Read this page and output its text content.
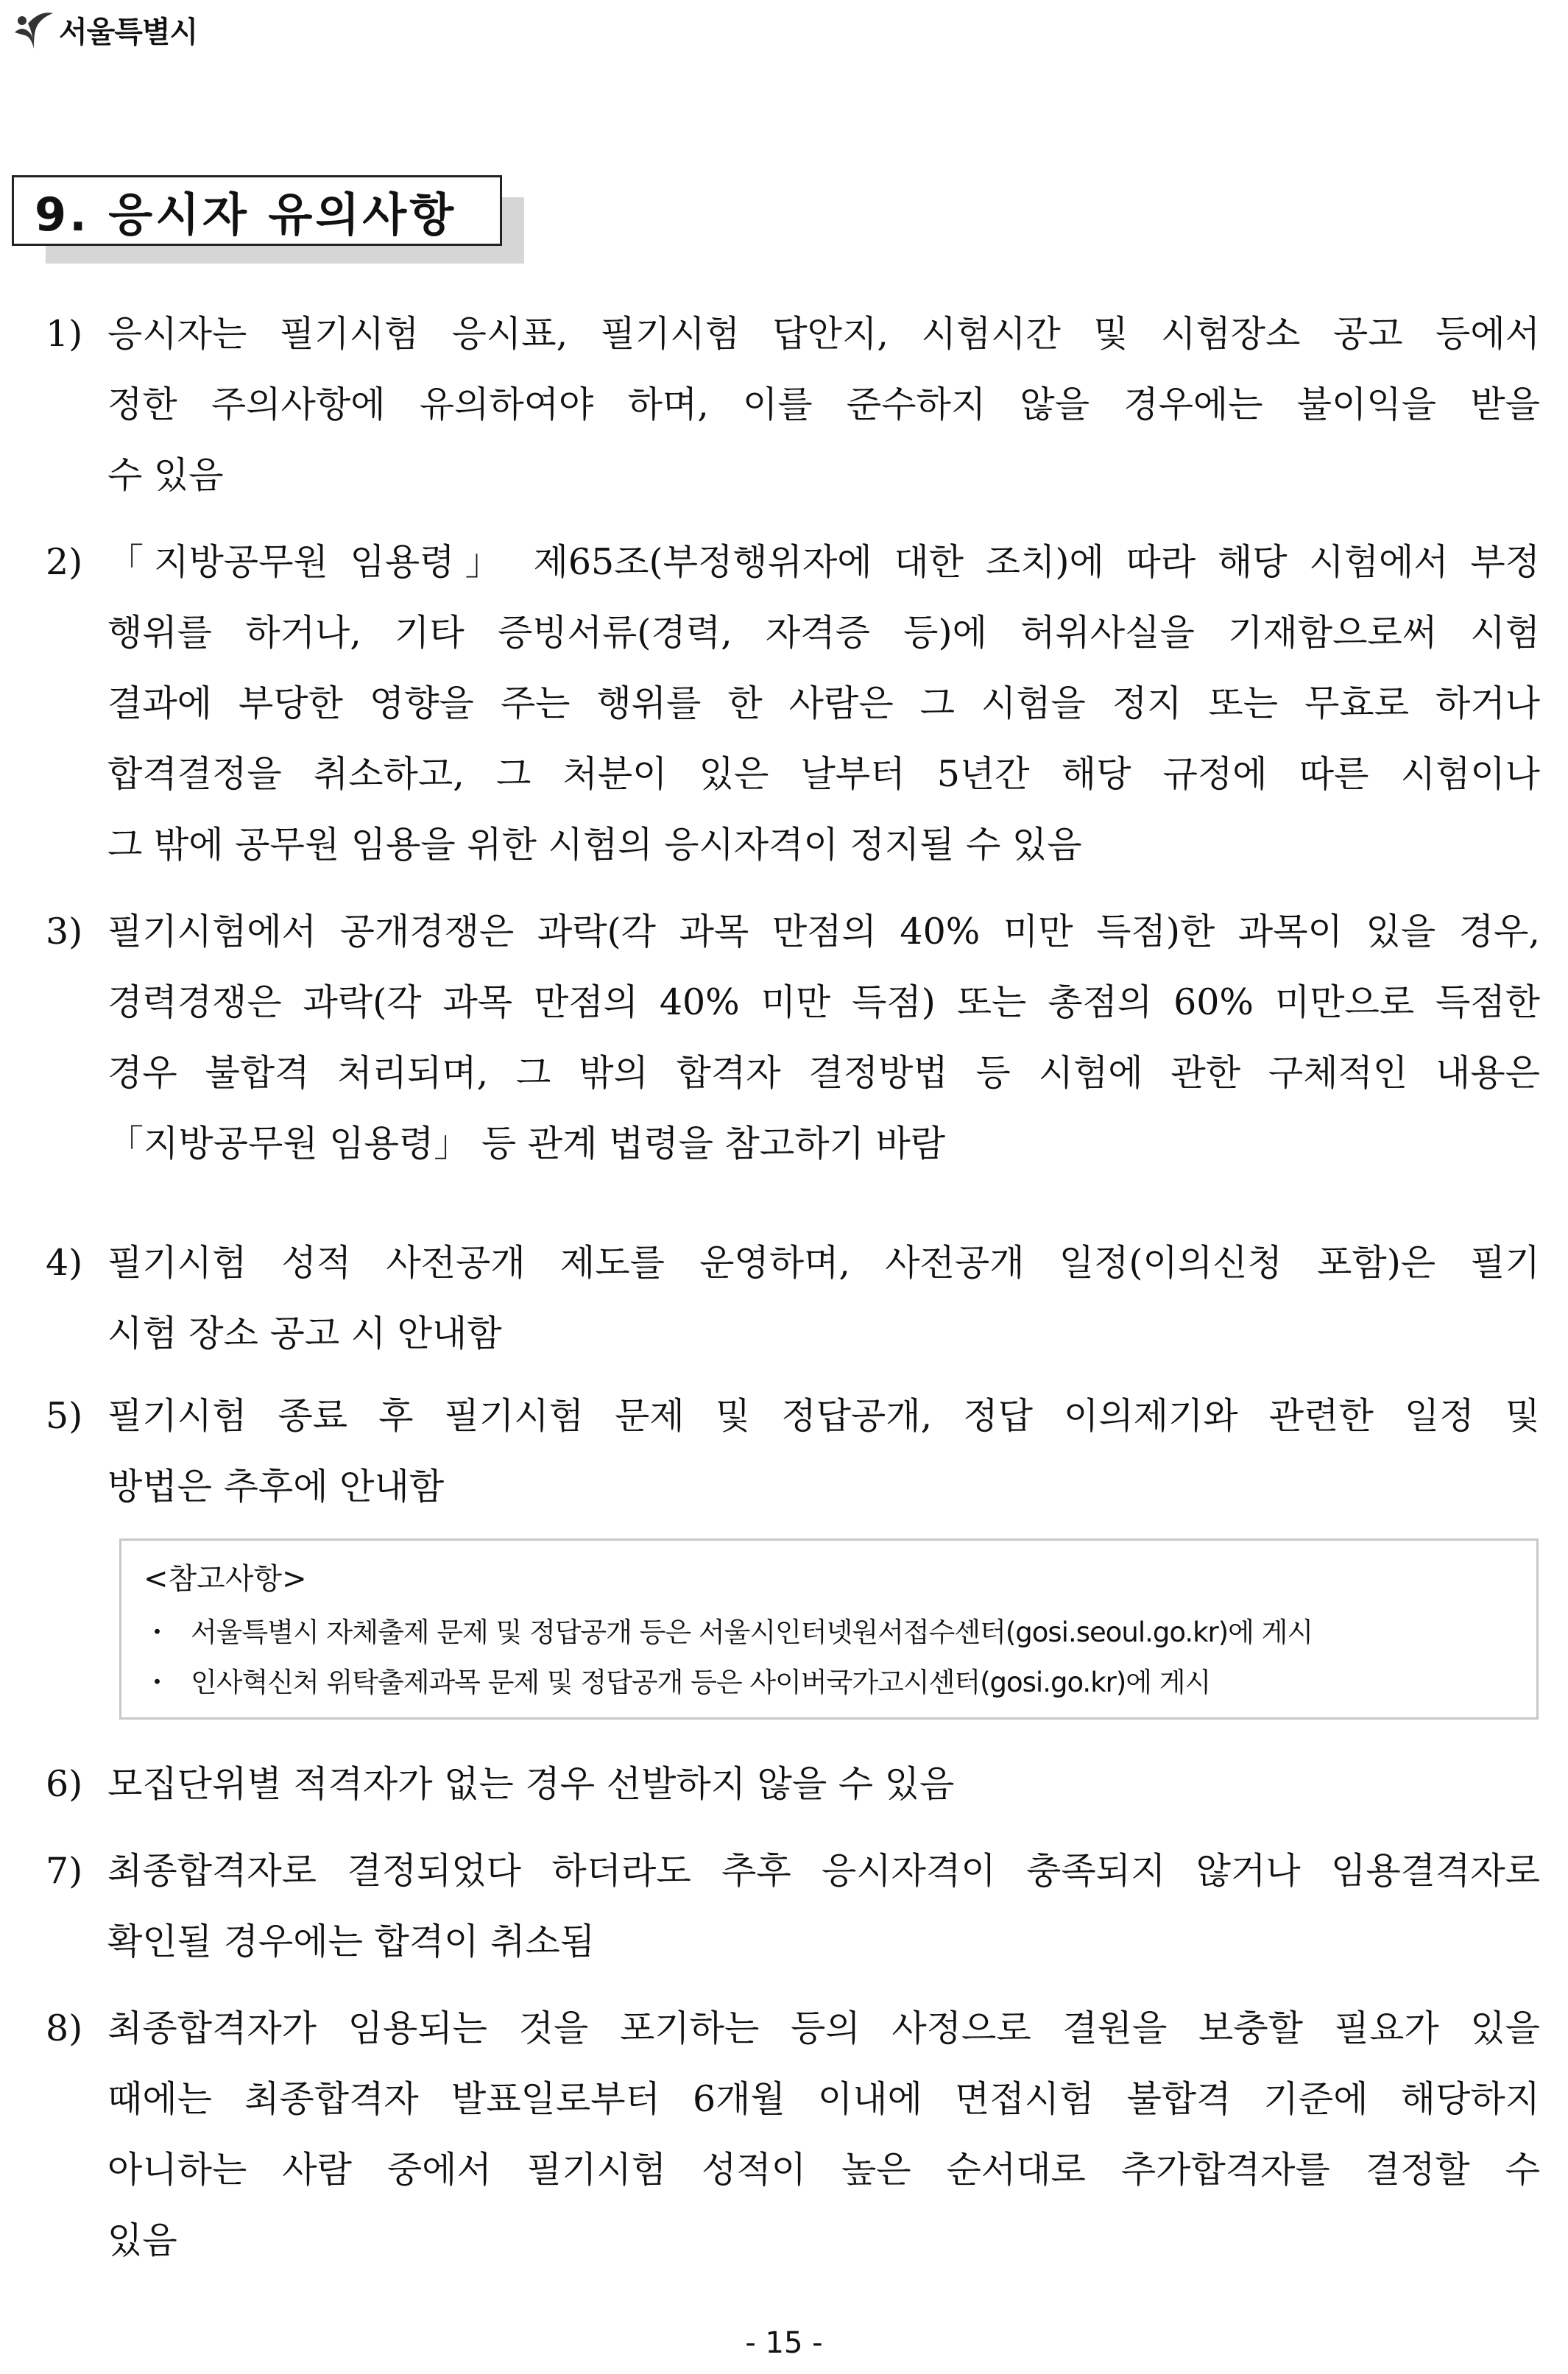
서울특별시
9. 응시자 유의사항
1) 응시자는 필기시험 응시표, 필기시험 답안지, 시험시간 및 시험장소 공고 등에서
정한 주의사항에 유의하여야 하며, 이를 준수하지 않을 경우에는 불이익을 받을
수 있음
2) 「지방공무원 임용령」 제65조(부정행위자에 대한 조치)에 따라 해당 시험에서 부정
행위를 하거나, 기타 증빙서류(경력, 자격증 등)에 허위사실을 기재함으로써 시험
결과에 부당한 영향을 주는 행위를 한 사람은 그 시험을 정지 또는 무효로 하거나
합격결정을 취소하고, 그 처분이 있은 날부터 5년간 해당 규정에 따른 시험이나
그 밖에 공무원 임용을 위한 시험의 응시자격이 정지될 수 있음
3) 필기시험에서 공개경쟁은 과락(각 과목 만점의 40% 미만 득점)한 과목이 있을 경우,
경력경쟁은 과락(각 과목 만점의 40% 미만 득점) 또는 총점의 60% 미만으로 득점한
경우 불합격 처리되며, 그 밖의 합격자 결정방법 등 시험에 관한 구체적인 내용은
「지방공무원 임용령」 등 관계 법령을 참고하기 바람
4) 필기시험 성적 사전공개 제도를 운영하며, 사전공개 일정(이의신청 포함)은 필기
시험 장소 공고 시 안내함
5) 필기시험 종료 후 필기시험 문제 및 정답공개, 정답 이의제기와 관련한 일정 및
방법은 추후에 안내함
<참고사항>
・ 서울특별시 자체출제 문제 및 정답공개 등은 서울시인터넷원서접수센터(gosi.seoul.go.kr)에 게시
・ 인사혁신처 위탁출제과목 문제 및 정답공개 등은 사이버국가고시센터(gosi.go.kr)에 게시
6) 모집단위별 적격자가 없는 경우 선발하지 않을 수 있음
7) 최종합격자로 결정되었다 하더라도 추후 응시자격이 충족되지 않거나 임용결격자로
확인될 경우에는 합격이 취소됨
8) 최종합격자가 임용되는 것을 포기하는 등의 사정으로 결원을 보충할 필요가 있을
때에는 최종합격자 발표일로부터 6개월 이내에 면접시험 불합격 기준에 해당하지
아니하는 사람 중에서 필기시험 성적이 높은 순서대로 추가합격자를 결정할 수
있음
- 15 -
